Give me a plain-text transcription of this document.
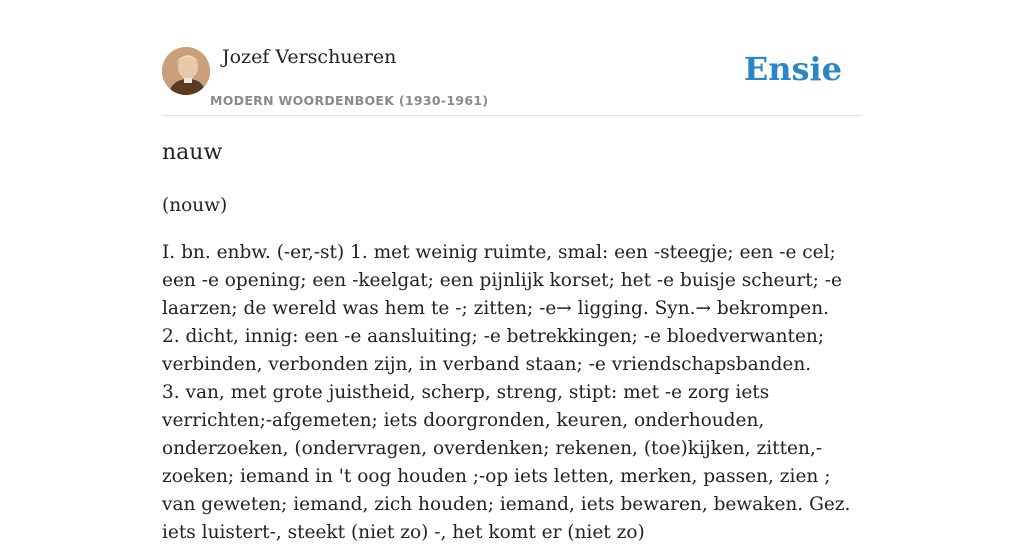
Jozef Verschueren
MODERN WOORDENBOEK (1930-1961)
Ensie
nauw
(nouw)

I. bn. enbw. (-er,-st) 1. met weinig ruimte, smal: een -steegje; een -e cel; een -e opening; een -keelgat; een pijnlijk korset; het -e buisje scheurt; -e laarzen; de wereld was hem te -; zitten; -e→ ligging. Syn.→ bekrompen.

2. dicht, innig: een -e aansluiting; -e betrekkingen; -e bloedverwanten; verbinden, verbonden zijn, in verband staan; -e vriendschapsbanden.

3. van, met grote juistheid, scherp, streng, stipt: met -e zorg iets verrichten;-afgemeten; iets doorgronden, keuren, onderhouden, onderzoeken, (ondervragen, overdenken; rekenen, (toe)kijken, zitten,- zoeken; iemand in 't oog houden ;-op iets letten, merken, passen, zien ; van geweten; iemand, zich houden; iemand, iets bewaren, bewaken. Gez. iets luistert-, steekt (niet zo) -, het komt er (niet zo)
